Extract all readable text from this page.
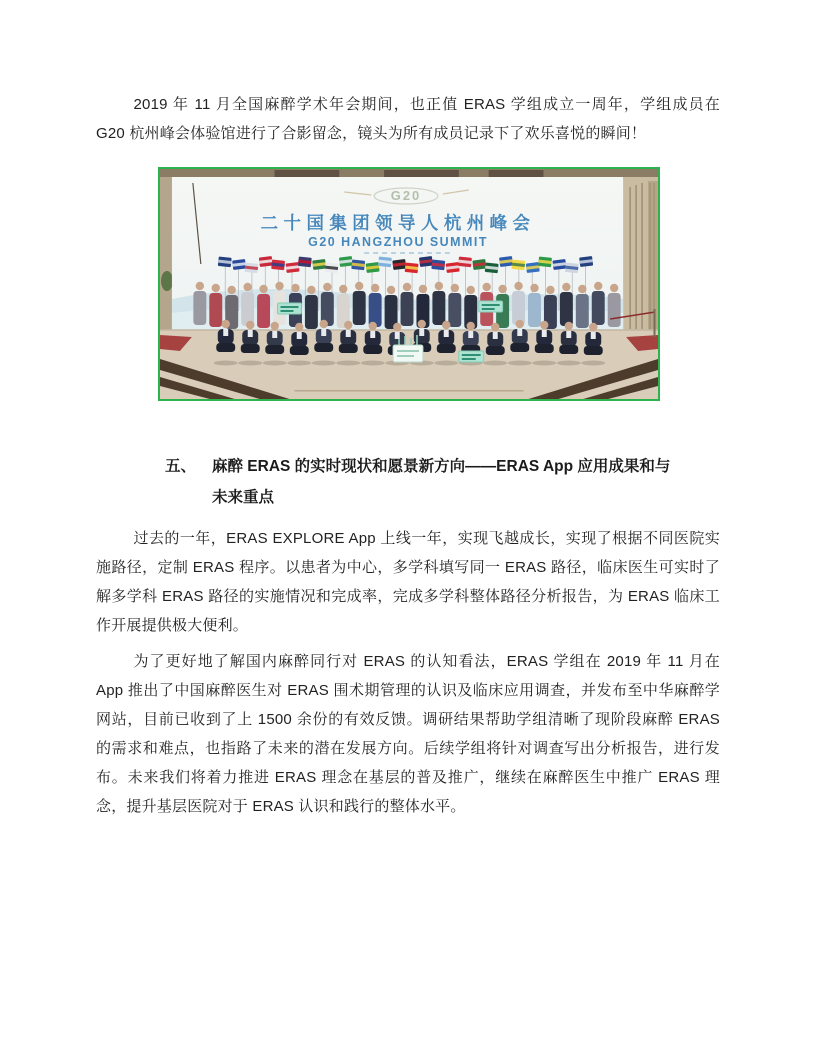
2019 年 11 月全国麻醉学术年会期间，也正值 ERAS 学组成立一周年，学组成员在 G20 杭州峰会体验馆进行了合影留念，镜头为所有成员记录下了欢乐喜悦的瞬间！

G20
二十国集团领导人杭州峰会
G20 HANGZHOU SUMMIT
五、	麻醉 ERAS 的实时现状和愿景新方向——ERAS App 应用成果和与
未来重点

过去的一年，ERAS EXPLORE App 上线一年，实现飞越成长，实现了根据不同医院实施路径，定制 ERAS 程序。以患者为中心，多学科填写同一 ERAS 路径，临床医生可实时了解多学科 ERAS 路径的实施情况和完成率，完成多学科整体路径分析报告，为 ERAS 临床工作开展提供极大便利。

为了更好地了解国内麻醉同行对 ERAS 的认知看法，ERAS 学组在 2019 年 11 月在 App 推出了中国麻醉医生对 ERAS 围术期管理的认识及临床应用调查，并发布至中华麻醉学网站，目前已收到了上 1500 余份的有效反馈。调研结果帮助学组清晰了现阶段麻醉 ERAS 的需求和难点，也指路了未来的潜在发展方向。后续学组将针对调查写出分析报告，进行发布。未来我们将着力推进 ERAS 理念在基层的普及推广，继续在麻醉医生中推广 ERAS 理念，提升基层医院对于 ERAS 认识和践行的整体水平。
